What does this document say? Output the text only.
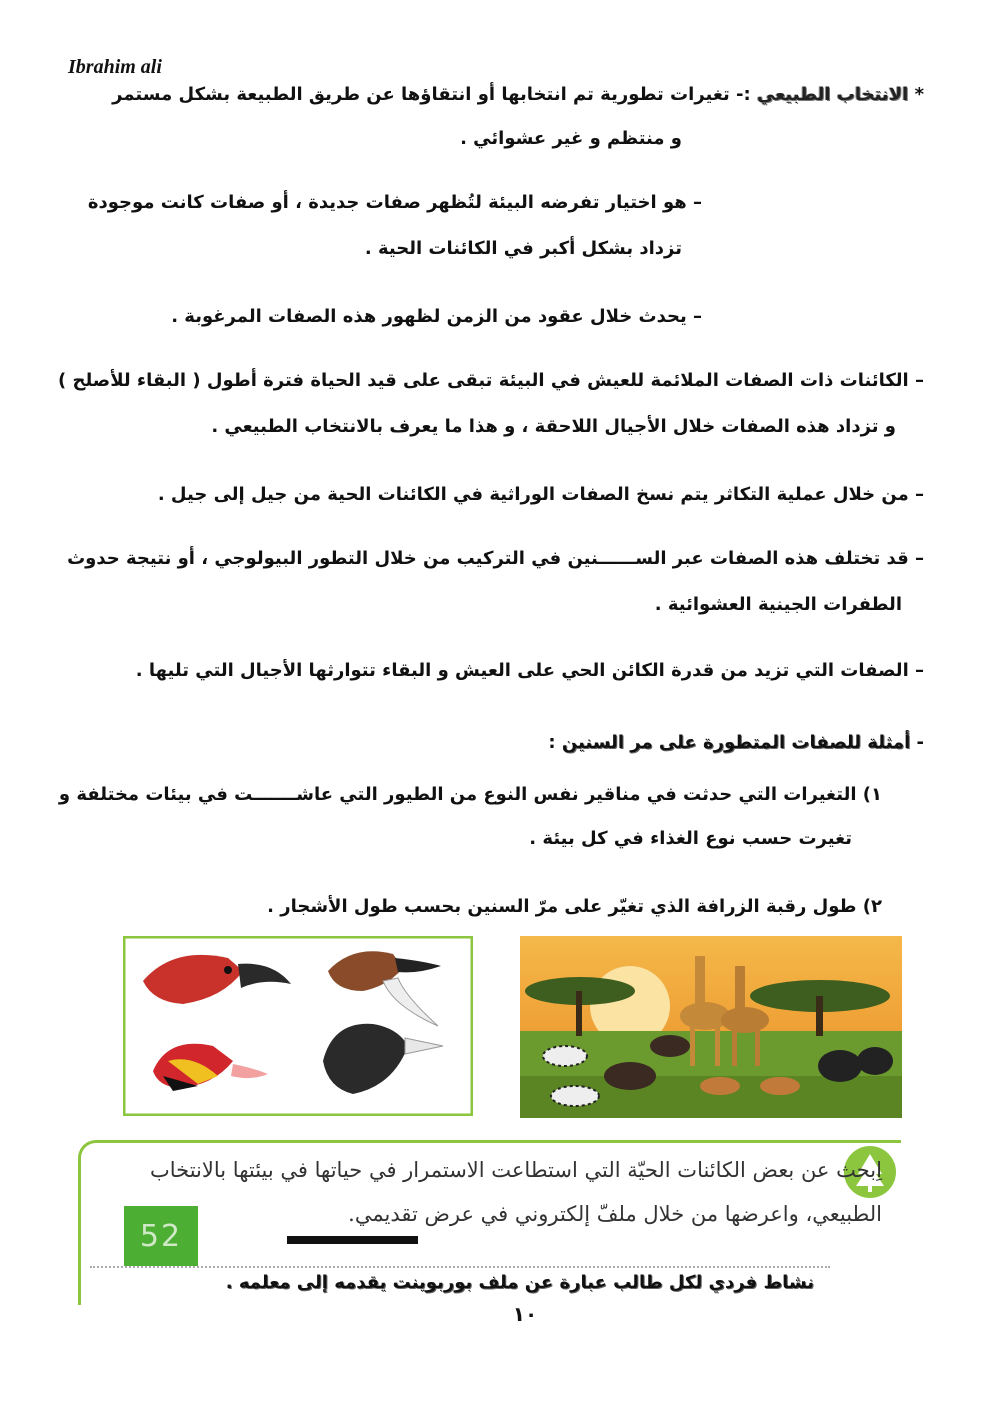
Ibrahim ali
* الانتخاب الطبيعي :- تغيرات تطورية تم انتخابها أو انتقاؤها عن طريق الطبيعة بشكل مستمر
و منتظم و غير عشوائي .
– هو اختيار تفرضه البيئة لتُظهر صفات جديدة ، أو صفات كانت موجودة
تزداد بشكل أكبر في الكائنات الحية .
– يحدث خلال عقود من الزمن لظهور هذه الصفات المرغوبة .
– الكائنات ذات الصفات الملائمة للعيش في البيئة تبقى على قيد الحياة فترة أطول ( البقاء للأصلح )
و تزداد هذه الصفات خلال الأجيال اللاحقة ، و هذا ما يعرف بالانتخاب الطبيعي .
– من خلال عملية التكاثر يتم نسخ الصفات الوراثية في الكائنات الحية من جيل إلى جيل .
– قد تختلف هذه الصفات عبر الســــــنين في التركيب من خلال التطور البيولوجي ، أو نتيجة حدوث
الطفرات الجينية العشوائية .
– الصفات التي تزيد من قدرة الكائن الحي على العيش و البقاء تتوارثها الأجيال التي تليها .
- أمثلة للصفات المتطورة على مر السنين :
١) التغيرات التي حدثت في مناقير نفس النوع من الطيور التي عاشـــــــت في بيئات مختلفة و
تغيرت حسب نوع الغذاء في كل بيئة .
٢) طول رقبة الزرافة الذي تغيّر على مرّ السنين بحسب طول الأشجار .
اِبحث عن بعض الكائنات الحيّة التي استطاعت الاستمرار في حياتها في بيئتها بالانتخاب
الطبيعي، واعرضها من خلال ملفّ إلكتروني في عرض تقديمي.
52
نشاط فردي لكل طالب عبارة عن ملف بوربوينت يقدمه إلى معلمه .
١٠
